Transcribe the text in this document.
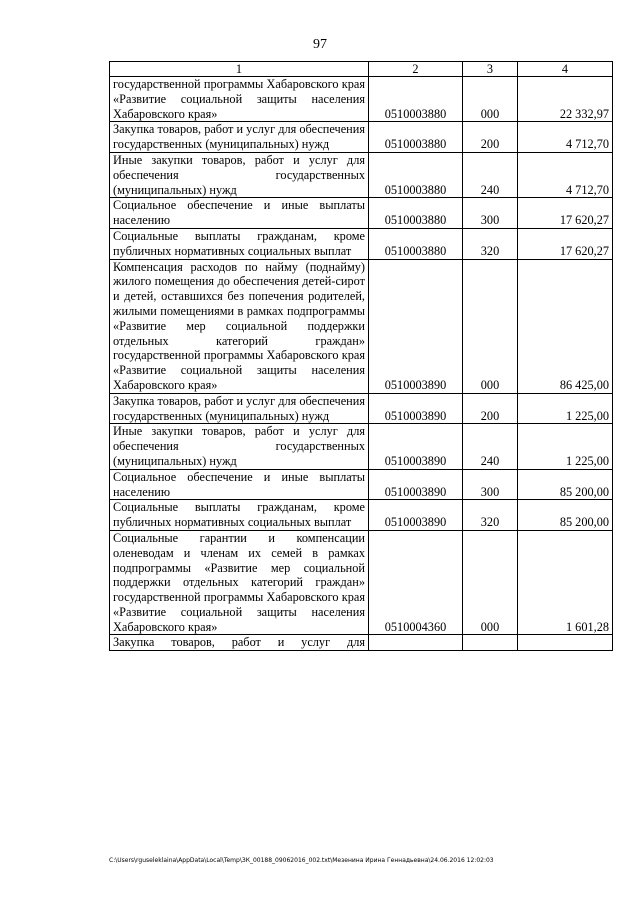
97
1	2	3	4
государственной программы Хабаровского края «Развитие социальной защиты населения Хабаровского края»	0510003880	000	22 332,97
Закупка товаров, работ и услуг для обеспечения государственных (муниципальных) нужд	0510003880	200	4 712,70
Иные закупки товаров, работ и услуг для обеспечения государственных (муниципальных) нужд	0510003880	240	4 712,70
Социальное обеспечение и иные выплаты населению	0510003880	300	17 620,27
Социальные выплаты гражданам, кроме публичных нормативных социальных выплат	0510003880	320	17 620,27
Компенсация расходов по найму (поднайму) жилого помещения до обеспечения детей-сирот и детей, оставшихся без попечения родителей, жилыми помещениями в рамках подпрограммы «Развитие мер социальной поддержки отдельных категорий граждан» государственной программы Хабаровского края «Развитие социальной защиты населения Хабаровского края»	0510003890	000	86 425,00
Закупка товаров, работ и услуг для обеспечения государственных (муниципальных) нужд	0510003890	200	1 225,00
Иные закупки товаров, работ и услуг для обеспечения государственных (муниципальных) нужд	0510003890	240	1 225,00
Социальное обеспечение и иные выплаты населению	0510003890	300	85 200,00
Социальные выплаты гражданам, кроме публичных нормативных социальных выплат	0510003890	320	85 200,00
Социальные гарантии и компенсации оленеводам и членам их семей в рамках подпрограммы «Развитие мер социальной поддержки отдельных категорий граждан» государственной программы Хабаровского края «Развитие социальной защиты населения Хабаровского края»	0510004360	000	1 601,28
Закупка товаров, работ и услуг для			
C:\Users\rguseleklaina\AppData\Local\Temp\ЗК_00188_09062016_002.txt\Мезенина Ирина Геннадьевна\24.06.2016 12:02:03
